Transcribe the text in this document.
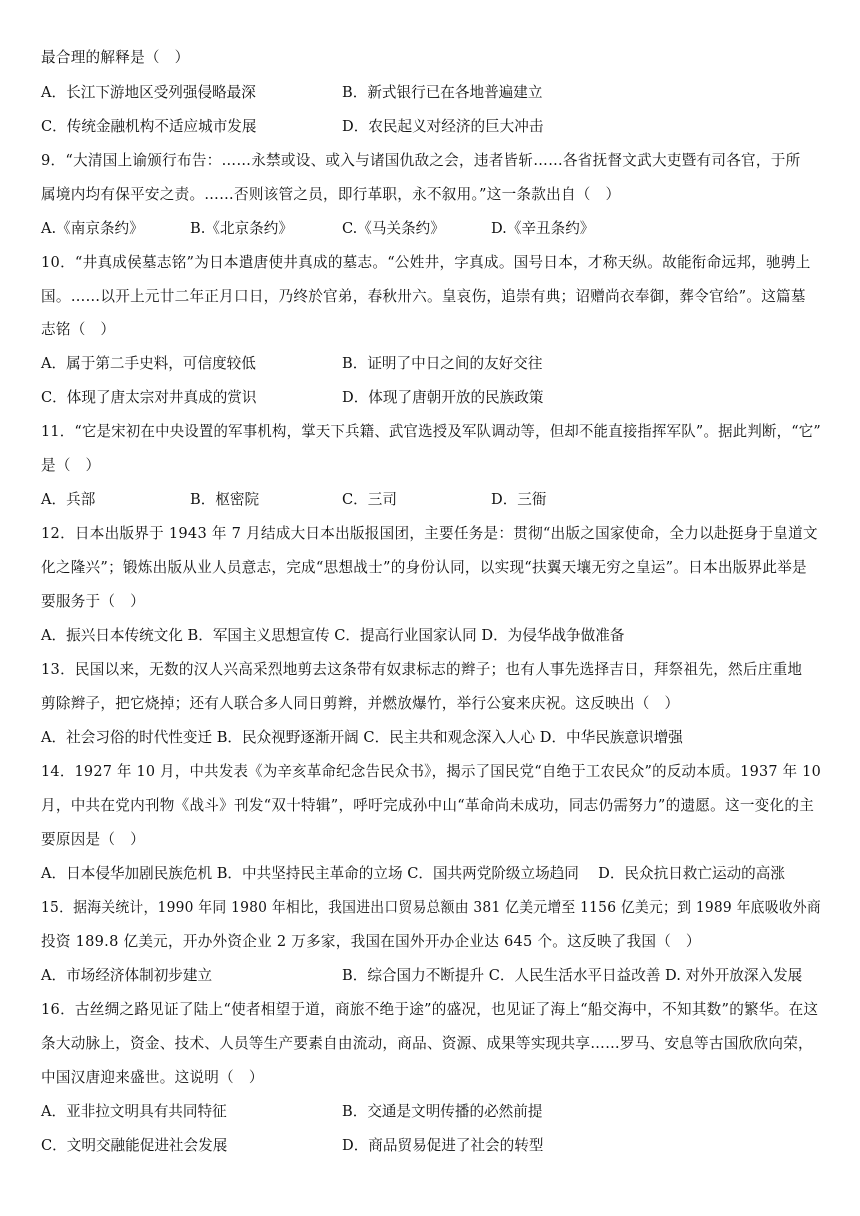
最合理的解释是（　）
A．长江下游地区受列强侵略最深	B．新式银行已在各地普遍建立
C．传统金融机构不适应城市发展	D．农民起义对经济的巨大冲击
9．“大清国上谕颁行布告：……永禁或设、或入与诸国仇敌之会，违者皆斩……各省抚督文武大吏暨有司各官，于所
属境内均有保平安之责。……否则该管之员，即行革职，永不叙用。”这一条款出自（　）
A.《南京条约》	B.《北京条约》	C.《马关条约》	D.《辛丑条约》
10．“井真成侯墓志铭”为日本遣唐使井真成的墓志。“公姓井，字真成。国号日本，才称天纵。故能衔命远邦，驰骋上
国。……以开上元廿二年正月口日，乃终於官弟，春秋卅六。皇哀伤，追崇有典；诏赠尚衣奉御，葬令官给”。这篇墓
志铭（　）
A．属于第二手史料，可信度较低	B．证明了中日之间的友好交往
C．体现了唐太宗对井真成的赏识	D．体现了唐朝开放的民族政策
11．“它是宋初在中央设置的军事机构，掌天下兵籍、武官选授及军队调动等，但却不能直接指挥军队”。据此判断，“它”
是（　）
A．兵部	B．枢密院	C．三司	D．三衙
12．日本出版界于 1943 年 7 月结成大日本出版报国团，主要任务是：贯彻“出版之国家使命，全力以赴挺身于皇道文
化之隆兴”；锻炼出版从业人员意志，完成“思想战士”的身份认同，以实现“扶翼天壤无穷之皇运”。日本出版界此举是
要服务于（　）
A．振兴日本传统文化 B．军国主义思想宣传 C．提高行业国家认同 D．为侵华战争做准备
13．民国以来，无数的汉人兴高采烈地剪去这条带有奴隶标志的辫子；也有人事先选择吉日，拜祭祖先，然后庄重地
剪除辫子，把它烧掉；还有人联合多人同日剪辫，并燃放爆竹，举行公宴来庆祝。这反映出（　）
A．社会习俗的时代性变迁 B．民众视野逐渐开阔 C．民主共和观念深入人心 D．中华民族意识增强
14．1927 年 10 月，中共发表《为辛亥革命纪念告民众书》，揭示了国民党“自绝于工农民众”的反动本质。1937 年 10
月，中共在党内刊物《战斗》刊发“双十特辑”，呼吁完成孙中山“革命尚未成功，同志仍需努力”的遗愿。这一变化的主
要原因是（　）
A．日本侵华加剧民族危机 B．中共坚持民主革命的立场 C．国共两党阶级立场趋同　 D．民众抗日救亡运动的高涨
15．据海关统计，1990 年同 1980 年相比，我国进出口贸易总额由 381 亿美元增至 1156 亿美元；到 1989 年底吸收外商
投资 189.8 亿美元，开办外资企业 2 万多家，我国在国外开办企业达 645 个。这反映了我国（　）
A．市场经济体制初步建立	B．综合国力不断提升 C．人民生活水平日益改善 D. 对外开放深入发展
16．古丝绸之路见证了陆上“使者相望于道，商旅不绝于途”的盛况，也见证了海上“船交海中，不知其数”的繁华。在这
条大动脉上，资金、技术、人员等生产要素自由流动，商品、资源、成果等实现共享……罗马、安息等古国欣欣向荣，
中国汉唐迎来盛世。这说明（　）
A．亚非拉文明具有共同特征	B．交通是文明传播的必然前提
C．文明交融能促进社会发展	D．商品贸易促进了社会的转型
